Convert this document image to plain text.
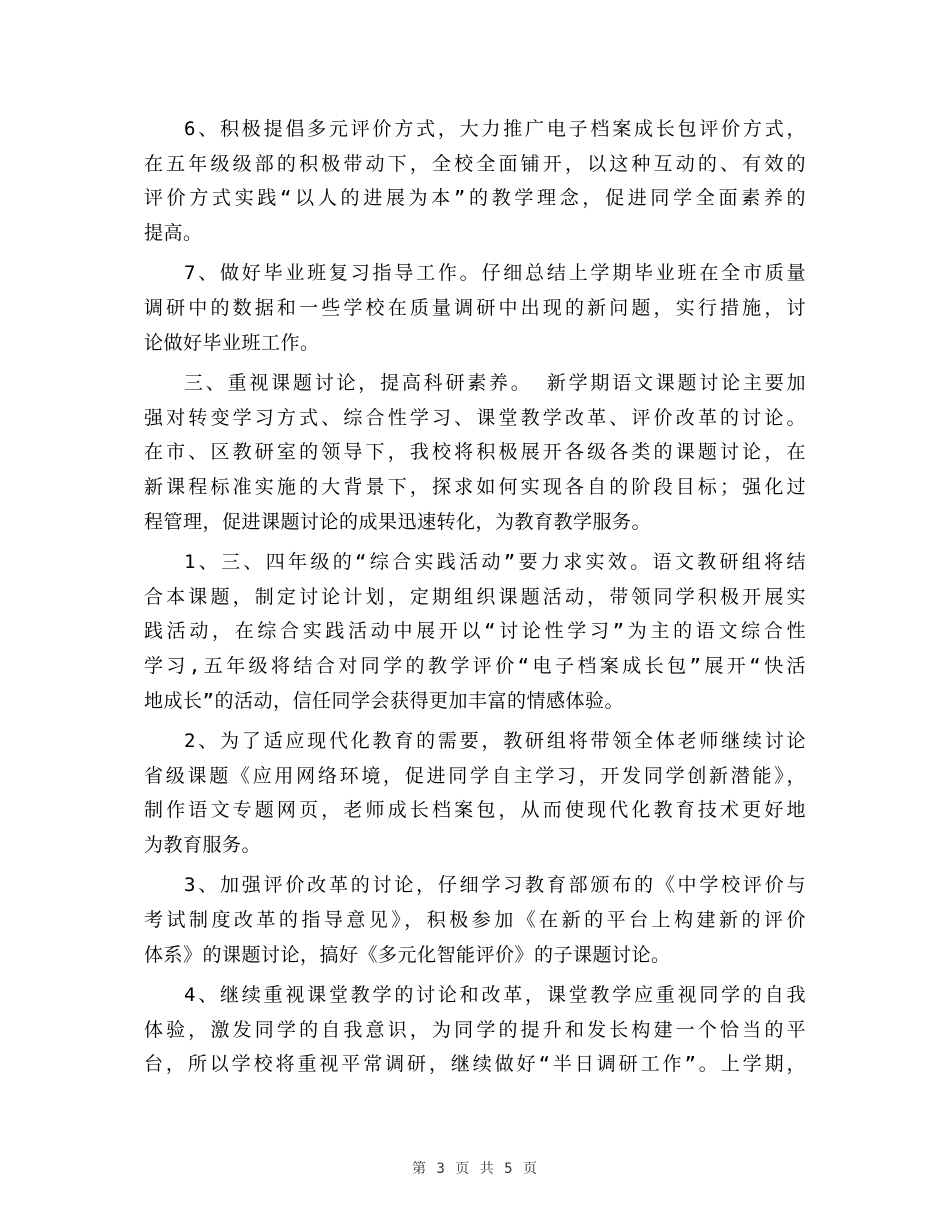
6、积极提倡多元评价方式，大力推广电子档案成长包评价方式，
在五年级级部的积极带动下，全校全面铺开，以这种互动的、有效的
评价方式实践“以人的进展为本”的教学理念，促进同学全面素养的
提高。

7、做好毕业班复习指导工作。仔细总结上学期毕业班在全市质量
调研中的数据和一些学校在质量调研中出现的新问题，实行措施，讨
论做好毕业班工作。

三、重视课题讨论，提高科研素养。 新学期语文课题讨论主要加
强对转变学习方式、综合性学习、课堂教学改革、评价改革的讨论。
在市、区教研室的领导下，我校将积极展开各级各类的课题讨论，在
新课程标准实施的大背景下，探求如何实现各自的阶段目标；强化过
程管理，促进课题讨论的成果迅速转化，为教育教学服务。

1、三、四年级的“综合实践活动”要力求实效。语文教研组将结
合本课题，制定讨论计划，定期组织课题活动，带领同学积极开展实
践活动，在综合实践活动中展开以“讨论性学习”为主的语文综合性
学习,五年级将结合对同学的教学评价“电子档案成长包”展开“快活
地成长”的活动，信任同学会获得更加丰富的情感体验。

2、为了适应现代化教育的需要，教研组将带领全体老师继续讨论
省级课题《应用网络环境，促进同学自主学习，开发同学创新潜能》，
制作语文专题网页，老师成长档案包，从而使现代化教育技术更好地
为教育服务。

3、加强评价改革的讨论，仔细学习教育部颁布的《中学校评价与
考试制度改革的指导意见》，积极参加《在新的平台上构建新的评价
体系》的课题讨论，搞好《多元化智能评价》的子课题讨论。

4、继续重视课堂教学的讨论和改革，课堂教学应重视同学的自我
体验，激发同学的自我意识，为同学的提升和发长构建一个恰当的平
台，所以学校将重视平常调研，继续做好“半日调研工作”。上学期，

第 3 页 共 5 页
